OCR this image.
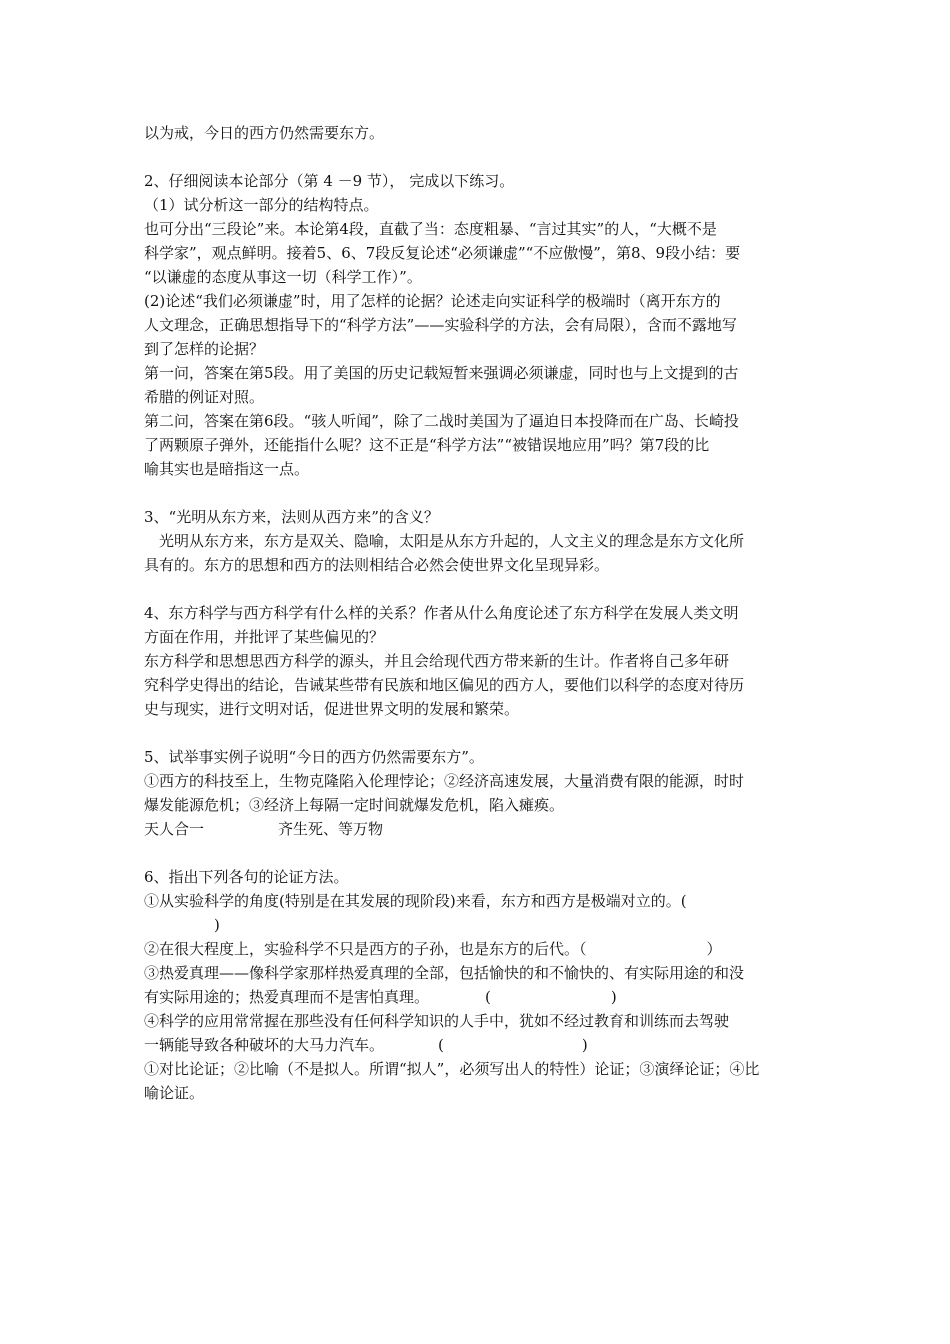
以为戒，今日的西方仍然需要东方。
2、仔细阅读本论部分（第 4 －9 节）， 完成以下练习。
（1）试分析这一部分的结构特点。
也可分出“三段论”来。本论第4段，直截了当：态度粗暴、“言过其实”的人，“大概不是
科学家”，观点鲜明。接着5、6、7段反复论述“必须谦虚”“不应傲慢”，第8、9段小结：要
“以谦虚的态度从事这一切（科学工作）”。
(2)论述“我们必须谦虚”时，用了怎样的论据？论述走向实证科学的极端时（离开东方的
人文理念，正确思想指导下的“科学方法”——实验科学的方法，会有局限），含而不露地写
到了怎样的论据？
第一问，答案在第5段。用了美国的历史记载短暂来强调必须谦虚，同时也与上文提到的古
希腊的例证对照。
第二问，答案在第6段。“骇人听闻”，除了二战时美国为了逼迫日本投降而在广岛、长崎投
了两颗原子弹外，还能指什么呢？这不正是“科学方法”“被错误地应用”吗？第7段的比
喻其实也是暗指这一点。
3、“光明从东方来，法则从西方来”的含义？
　光明从东方来，东方是双关、隐喻，太阳是从东方升起的，人文主义的理念是东方文化所
具有的。东方的思想和西方的法则相结合必然会使世界文化呈现异彩。
4、东方科学与西方科学有什么样的关系？作者从什么角度论述了东方科学在发展人类文明
方面在作用，并批评了某些偏见的？
东方科学和思想思西方科学的源头，并且会给现代西方带来新的生计。作者将自己多年研
究科学史得出的结论，告诫某些带有民族和地区偏见的西方人，要他们以科学的态度对待历
史与现实，进行文明对话，促进世界文明的发展和繁荣。
5、试举事实例子说明“今日的西方仍然需要东方”。
①西方的科技至上，生物克隆陷入伦理悖论；②经济高速发展，大量消费有限的能源，时时
爆发能源危机；③经济上每隔一定时间就爆发危机，陷入瘫痪。
天人合一	齐生死、等万物
6、指出下列各句的论证方法。
①从实验科学的角度(特别是在其发展的现阶段)来看，东方和西方是极端对立的。(
)
②在很大程度上，实验科学不只是西方的子孙，也是东方的后代。（	）
③热爱真理——像科学家那样热爱真理的全部，包括愉快的和不愉快的、有实际用途的和没
有实际用途的；热爱真理而不是害怕真理。	(	)
④科学的应用常常握在那些没有任何科学知识的人手中，犹如不经过教育和训练而去驾驶
一辆能导致各种破坏的大马力汽车。	(	)
①对比论证；②比喻（不是拟人。所谓“拟人”，必须写出人的特性）论证；③演绎论证；④比
喻论证。
